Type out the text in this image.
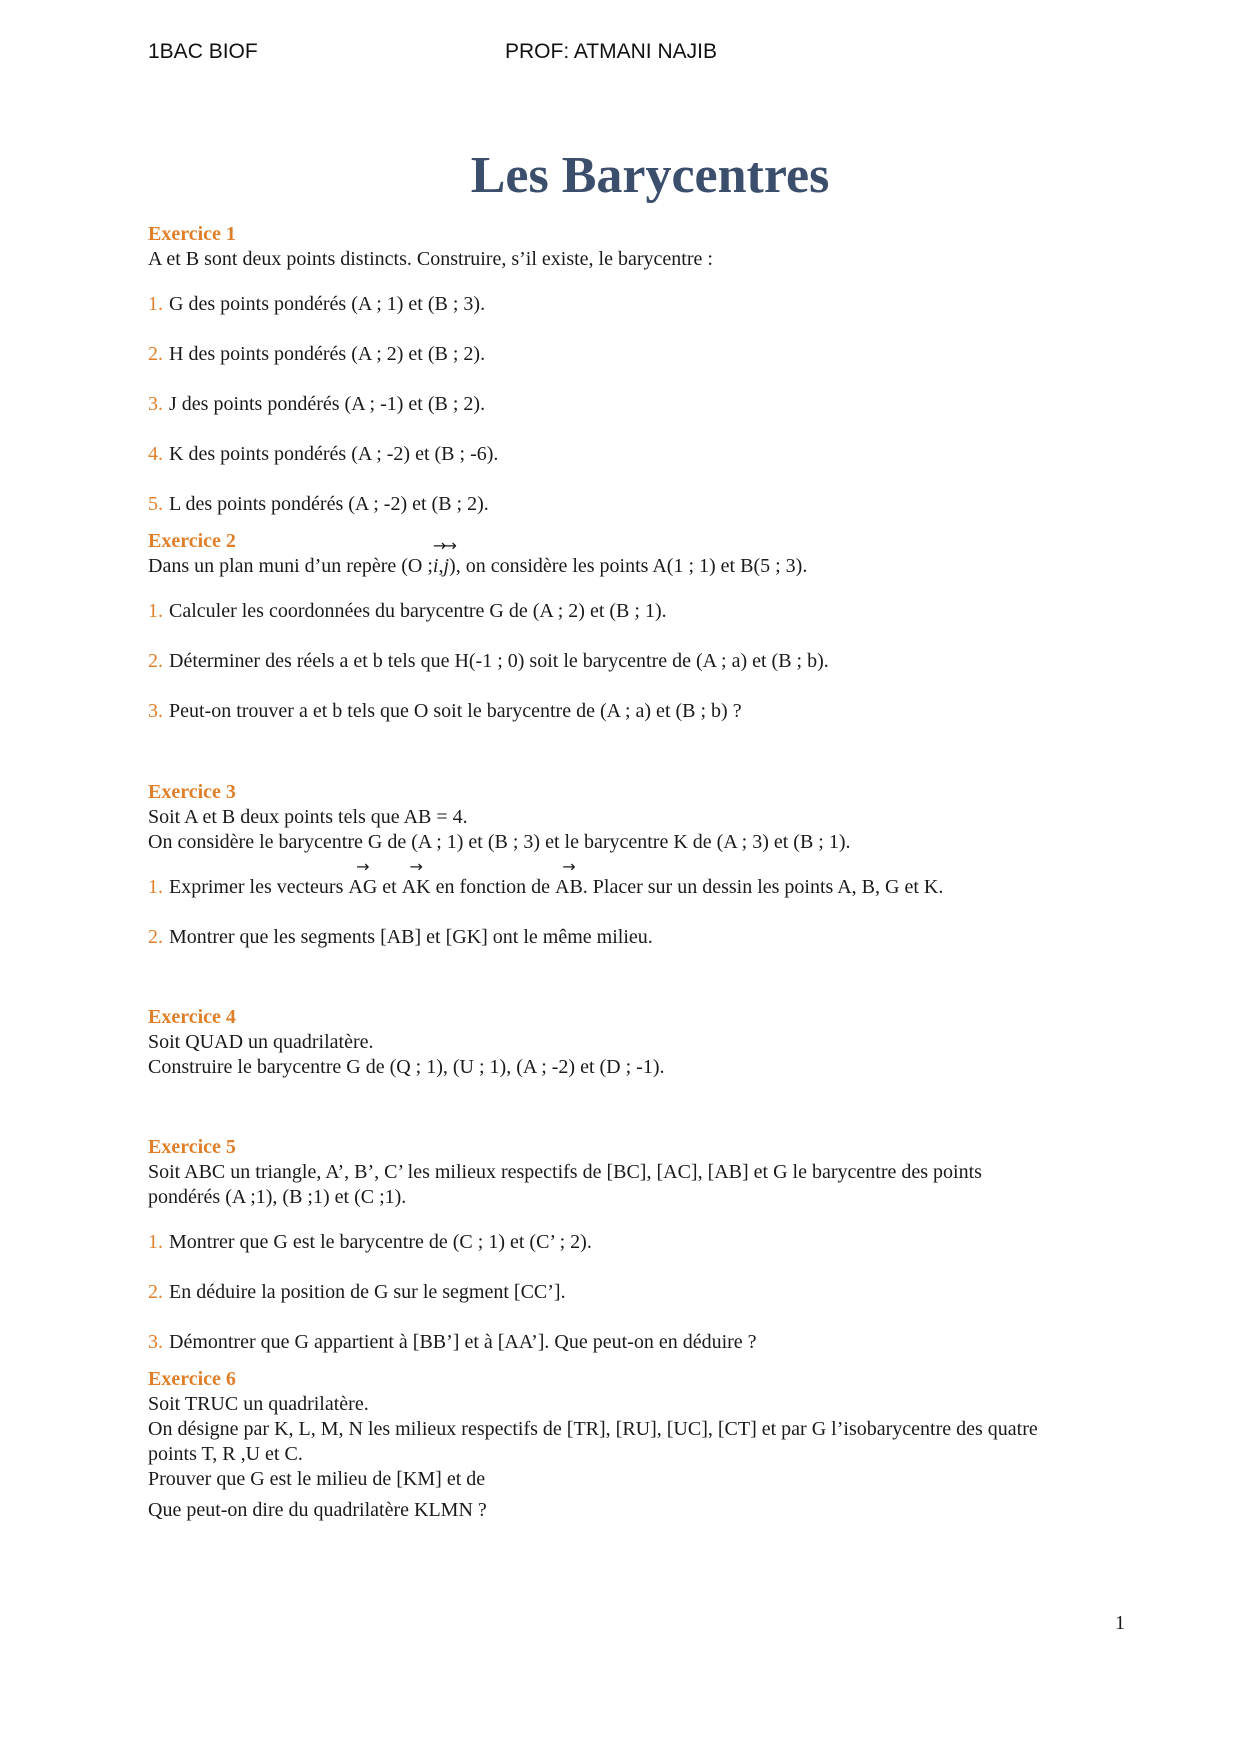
1BAC BIOF	PROF: ATMANI NAJIB
Les Barycentres

Exercice 1

A et B sont deux points distincts. Construire, s’il existe, le barycentre :

1. G des points pondérés (A ; 1) et (B ; 3).

2. H des points pondérés (A ; 2) et (B ; 2).

3. J des points pondérés (A ; -1) et (B ; 2).

4. K des points pondérés (A ; -2) et (B ; -6).

5. L des points pondérés (A ; -2) et (B ; 2).

Exercice 2

Dans un plan muni d’un repère (O ;→ i,→ j), on considère les points A(1 ; 1) et B(5 ; 3).

1. Calculer les coordonnées du barycentre G de (A ; 2) et (B ; 1).

2. Déterminer des réels a et b tels que H(-1 ; 0) soit le barycentre de (A ; a) et (B ; b).

3. Peut-on trouver a et b tels que O soit le barycentre de (A ; a) et (B ; b) ?

Exercice 3

Soit A et B deux points tels que AB = 4.

On considère le barycentre G de (A ; 1) et (B ; 3) et le barycentre K de (A ; 3) et (B ; 1).

1. Exprimer les vecteurs → AG et → AK en fonction de → AB. Placer sur un dessin les points A, B, G et K.

2. Montrer que les segments [AB] et [GK] ont le même milieu.

Exercice 4

Soit QUAD un quadrilatère.

Construire le barycentre G de (Q ; 1), (U ; 1), (A ; -2) et (D ; -1).

Exercice 5

Soit ABC un triangle, A’, B’, C’ les milieux respectifs de [BC], [AC], [AB] et G le barycentre des points

pondérés (A ;1), (B ;1) et (C ;1).

1. Montrer que G est le barycentre de (C ; 1) et (C’ ; 2).

2. En déduire la position de G sur le segment [CC’].

3. Démontrer que G appartient à [BB’] et à [AA’]. Que peut-on en déduire ?

Exercice 6

Soit TRUC un quadrilatère.

On désigne par K, L, M, N les milieux respectifs de [TR], [RU], [UC], [CT] et par G l’isobarycentre des quatre

points T, R ,U et C.

Prouver que G est le milieu de [KM] et de

Que peut-on dire du quadrilatère KLMN ?

1
